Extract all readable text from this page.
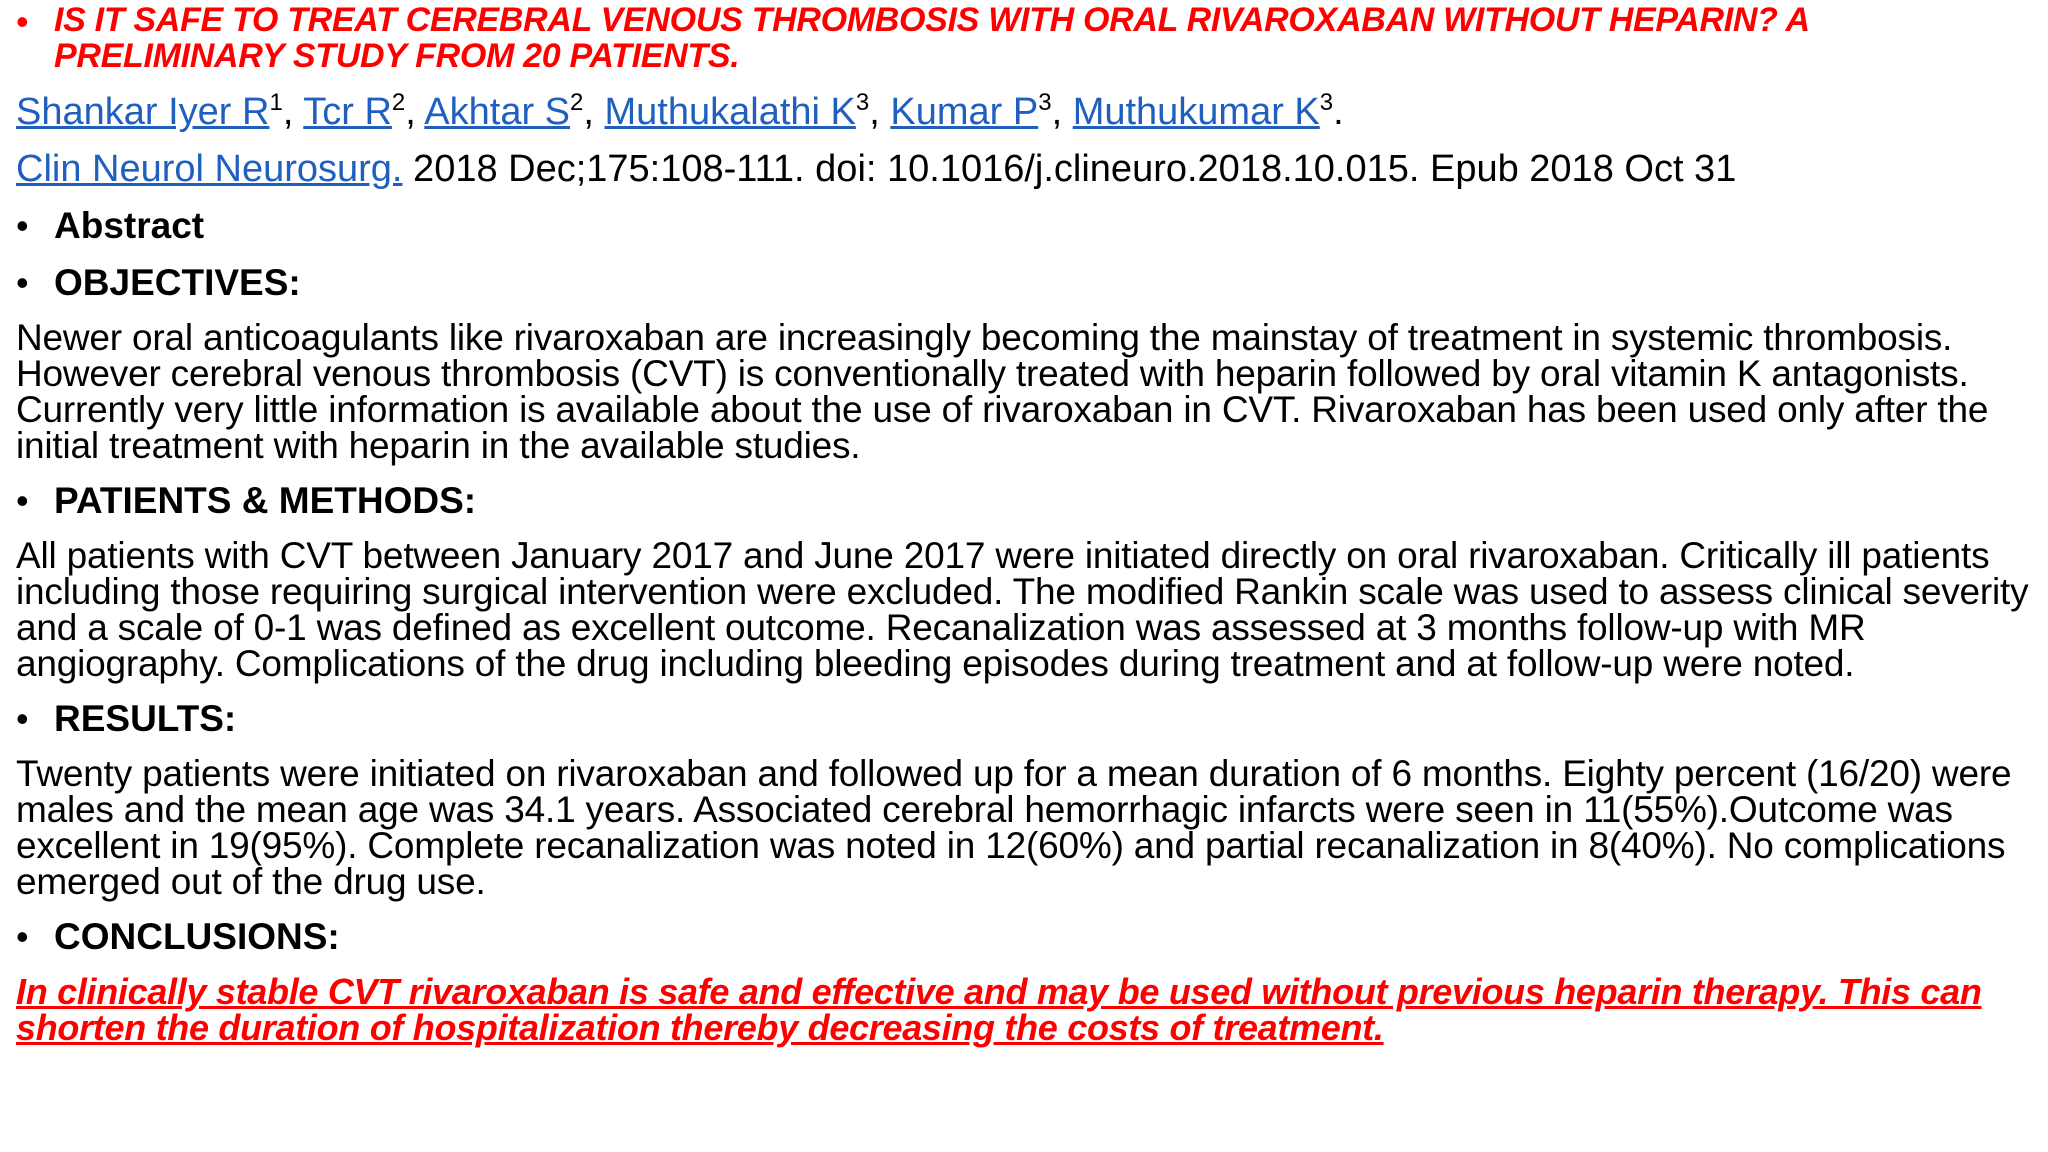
• IS IT SAFE TO TREAT CEREBRAL VENOUS THROMBOSIS WITH ORAL RIVAROXABAN WITHOUT HEPARIN? A PRELIMINARY STUDY FROM 20 PATIENTS.

Shankar Iyer $R^1$, Tcr $R^2$, Akhtar $S^2$, Muthukalathi $K^3$, Kumar $P^3$, Muthukumar $K^3$.
Clin Neurol Neurosurg. 2018 Dec;175:108-111. doi: 10.1016/j.clineuro.2018.10.015. Epub 2018 Oct 31
• Abstract

• OBJECTIVES:

Newer oral anticoagulants like rivaroxaban are increasingly becoming the mainstay of treatment in systemic thrombosis. However cerebral venous thrombosis (CVT) is conventionally treated with heparin followed by oral vitamin K antagonists. Currently very little information is available about the use of rivaroxaban in CVT. Rivaroxaban has been used only after the initial treatment with heparin in the available studies.
• PATIENTS & METHODS:

All patients with CVT between January 2017 and June 2017 were initiated directly on oral rivaroxaban. Critically ill patients including those requiring surgical intervention were excluded. The modified Rankin scale was used to assess clinical severity and a scale of 0-1 was defined as excellent outcome. Recanalization was assessed at 3 months follow-up with MR angiography. Complications of the drug including bleeding episodes during treatment and at follow-up were noted.
• RESULTS:

Twenty patients were initiated on rivaroxaban and followed up for a mean duration of 6 months. Eighty percent (16/20) were males and the mean age was 34.1 years. Associated cerebral hemorrhagic infarcts were seen in 11(55%).Outcome was excellent in 19(95%). Complete recanalization was noted in 12(60%) and partial recanalization in 8(40%). No complications emerged out of the drug use.
• CONCLUSIONS:

In clinically stable CVT rivaroxaban is safe and effective and may be used without previous heparin therapy. This can shorten the duration of hospitalization thereby decreasing the costs of treatment.
